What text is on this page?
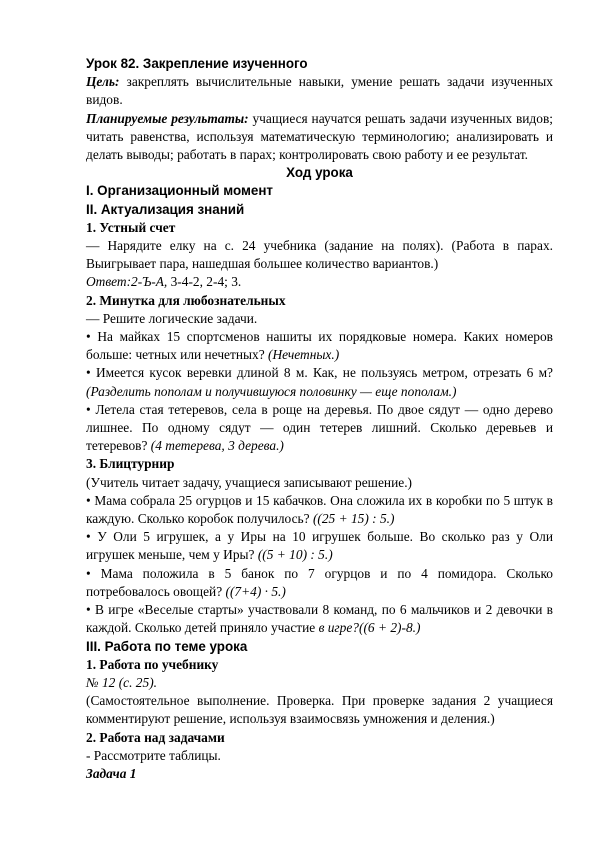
Урок 82. Закрепление изученного

Цель: закреплять вычислительные навыки, умение решать задачи изученных видов.

Планируемые результаты: учащиеся научатся решать задачи изученных видов; читать равенства, используя математическую терминологию; анализировать и делать выводы; работать в парах; контролировать свою работу и ее результат.

Ход урока

I. Организационный момент

II. Актуализация знаний

1. Устный счет

— Нарядите елку на с. 24 учебника (задание на полях). (Работа в парах. Выигрывает пара, нашедшая большее количество вариантов.)

Ответ:2-Ъ-А, 3-4-2, 2-4; 3.

2. Минутка для любознательных

— Решите логические задачи.

• На майках 15 спортсменов нашиты их порядковые номера. Каких номеров больше: четных или нечетных? (Нечетных.)

• Имеется кусок веревки длиной 8 м. Как, не пользуясь метром, отрезать 6 м? (Разделить пополам и получившуюся половинку — еще пополам.)

• Летела стая тетеревов, села в роще на деревья. По двое сядут — одно дерево лишнее. По одному сядут — один тетерев лишний. Сколько деревьев и тетеревов? (4 тетерева, 3 дерева.)

3. Блицтурнир

(Учитель читает задачу, учащиеся записывают решение.)

• Мама собрала 25 огурцов и 15 кабачков. Она сложила их в коробки по 5 штук в каждую. Сколько коробок получилось? ((25 + 15) : 5.)

• У Оли 5 игрушек, а у Иры на 10 игрушек больше. Во сколько раз у Оли игрушек меньше, чем у Иры? ((5 + 10) : 5.)

• Мама положила в 5 банок по 7 огурцов и по 4 помидора. Сколько потребовалось овощей? ((7+4) · 5.)

• В игре «Веселые старты» участвовали 8 команд, по 6 мальчиков и 2 девочки в каждой. Сколько детей приняло участие в игре?((6 + 2)-8.)

III. Работа по теме урока

1. Работа по учебнику

№ 12 (с. 25).

(Самостоятельное выполнение. Проверка. При проверке задания 2 учащиеся комментируют решение, используя взаимосвязь умножения и деления.)

2. Работа над задачами

- Рассмотрите таблицы.

Задача 1
